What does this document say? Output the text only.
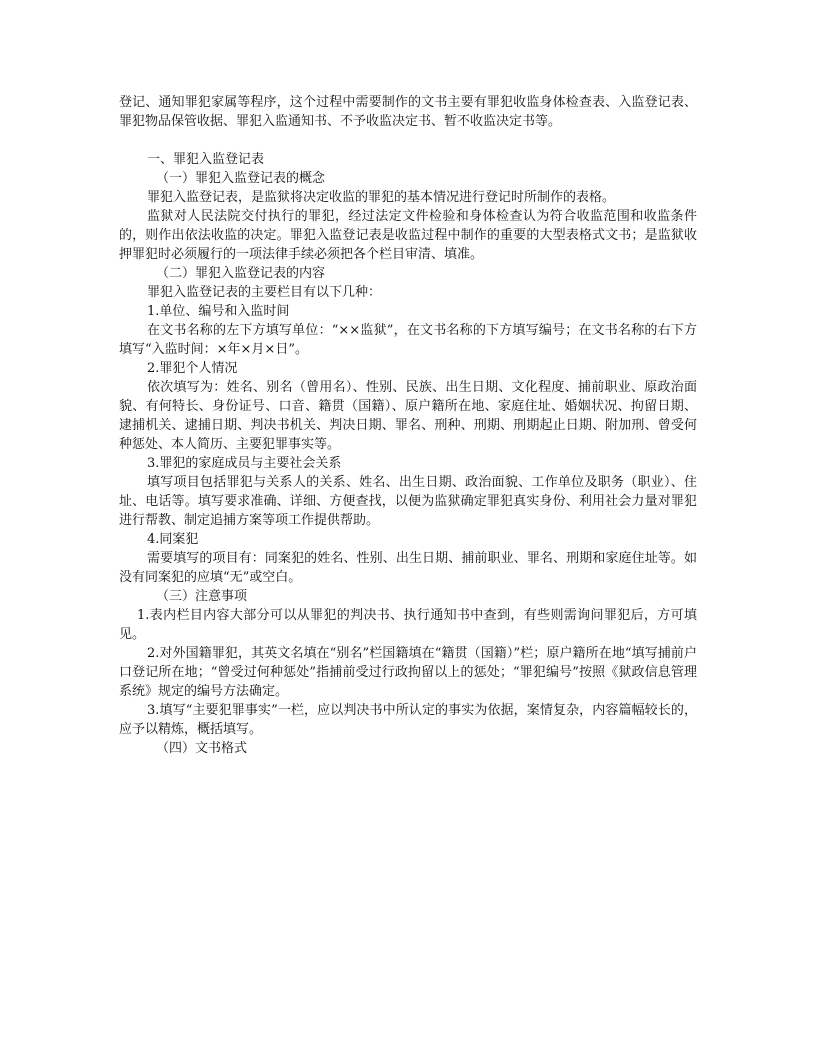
登记、通知罪犯家属等程序，这个过程中需要制作的文书主要有罪犯收监身体检查表、入监登记表、罪犯物品保管收据、罪犯入监通知书、不予收监决定书、暂不收监决定书等。

一、罪犯入监登记表

（一）罪犯入监登记表的概念

罪犯入监登记表，是监狱将决定收监的罪犯的基本情况进行登记时所制作的表格。

监狱对人民法院交付执行的罪犯，经过法定文件检验和身体检查认为符合收监范围和收监条件的，则作出依法收监的决定。罪犯入监登记表是收监过程中制作的重要的大型表格式文书；是监狱收押罪犯时必须履行的一项法律手续必须把各个栏目审清、填准。

（二）罪犯入监登记表的内容

罪犯入监登记表的主要栏目有以下几种：

1.单位、编号和入监时间

在文书名称的左下方填写单位：“××监狱”，在文书名称的下方填写编号；在文书名称的右下方填写“入监时间：×年×月×日”。

2.罪犯个人情况

依次填写为：姓名、别名（曾用名）、性别、民族、出生日期、文化程度、捕前职业、原政治面貌、有何特长、身份证号、口音、籍贯（国籍）、原户籍所在地、家庭住址、婚姻状况、拘留日期、逮捕机关、逮捕日期、判决书机关、判决日期、罪名、刑种、刑期、刑期起止日期、附加刑、曾受何种惩处、本人简历、主要犯罪事实等。

3.罪犯的家庭成员与主要社会关系

填写项目包括罪犯与关系人的关系、姓名、出生日期、政治面貌、工作单位及职务（职业）、住址、电话等。填写要求准确、详细、方便查找，以便为监狱确定罪犯真实身份、利用社会力量对罪犯进行帮教、制定追捕方案等项工作提供帮助。

4.同案犯

需要填写的项目有：同案犯的姓名、性别、出生日期、捕前职业、罪名、刑期和家庭住址等。如没有同案犯的应填“无”或空白。

（三）注意事项

1.表内栏目内容大部分可以从罪犯的判决书、执行通知书中查到，有些则需询问罪犯后，方可填见。

2.对外国籍罪犯，其英文名填在“别名”栏国籍填在“籍贯（国籍）”栏；原户籍所在地“填写捕前户口登记所在地；“曾受过何种惩处”指捕前受过行政拘留以上的惩处；“罪犯编号”按照《狱政信息管理系统》规定的编号方法确定。

3.填写“主要犯罪事实”一栏，应以判决书中所认定的事实为依据，案情复杂，内容篇幅较长的，应予以精炼，概括填写。

（四）文书格式
